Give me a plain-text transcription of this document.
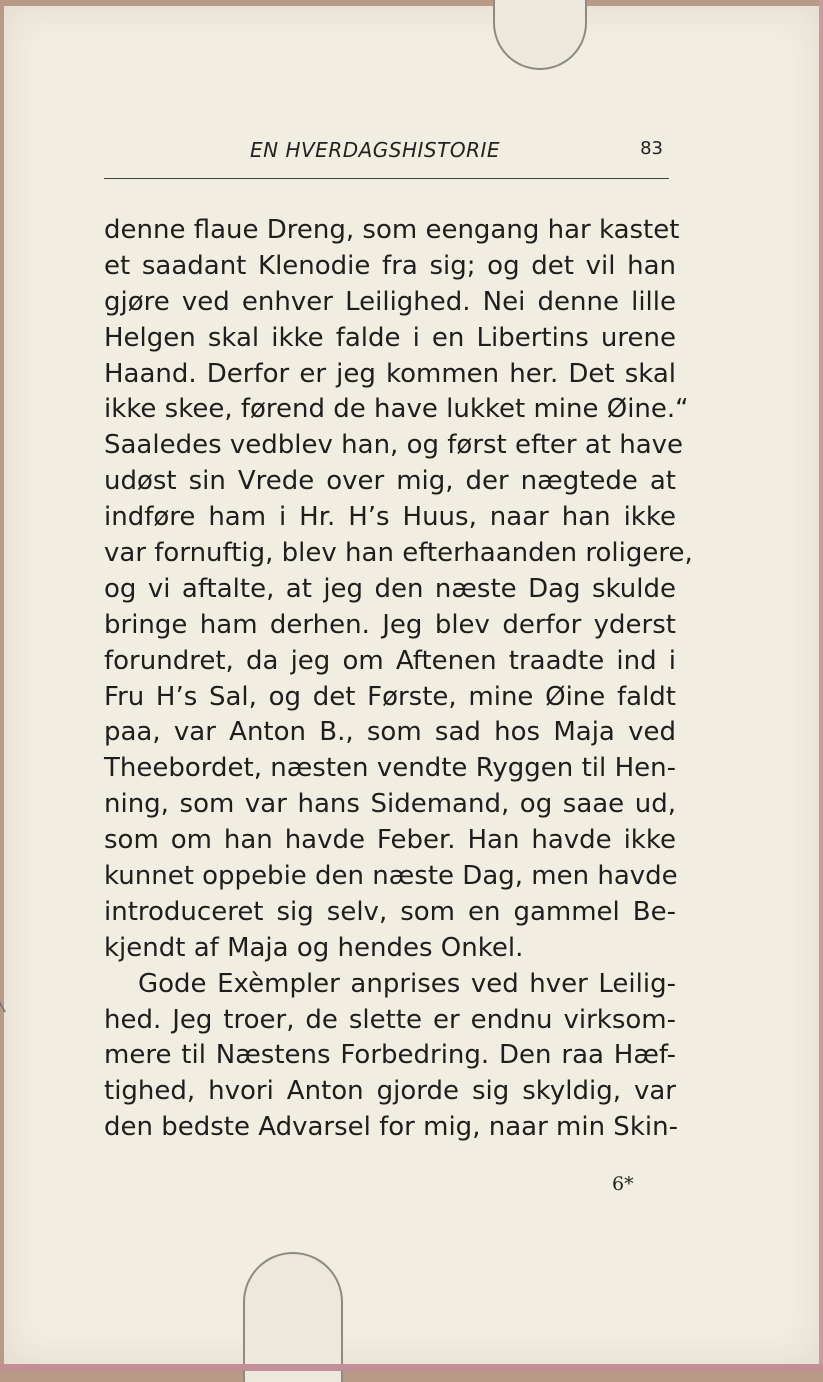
EN HVERDAGSHISTORIE	83
denne flaue Dreng, som eengang har kastet
et saadant Klenodie fra sig; og det vil han
gjøre ved enhver Leilighed. Nei denne lille
Helgen skal ikke falde i en Libertins urene
Haand. Derfor er jeg kommen her. Det skal
ikke skee, førend de have lukket mine Øine.“
Saaledes vedblev han, og først efter at have
udøst sin Vrede over mig, der nægtede at
indføre ham i Hr. H’s Huus, naar han ikke
var fornuftig, blev han efterhaanden roligere,
og vi aftalte, at jeg den næste Dag skulde
bringe ham derhen. Jeg blev derfor yderst
forundret, da jeg om Aftenen traadte ind i
Fru H’s Sal, og det Første, mine Øine faldt
paa, var Anton B., som sad hos Maja ved
Theebordet, næsten vendte Ryggen til Hen-
ning, som var hans Sidemand, og saae ud,
som om han havde Feber. Han havde ikke
kunnet oppebie den næste Dag, men havde
introduceret sig selv, som en gammel Be-
kjendt af Maja og hendes Onkel.
Gode Exèmpler anprises ved hver Leilig-
hed. Jeg troer, de slette er endnu virksom-
mere til Næstens Forbedring. Den raa Hæf-
tighed, hvori Anton gjorde sig skyldig, var
den bedste Advarsel for mig, naar min Skin-
6*
